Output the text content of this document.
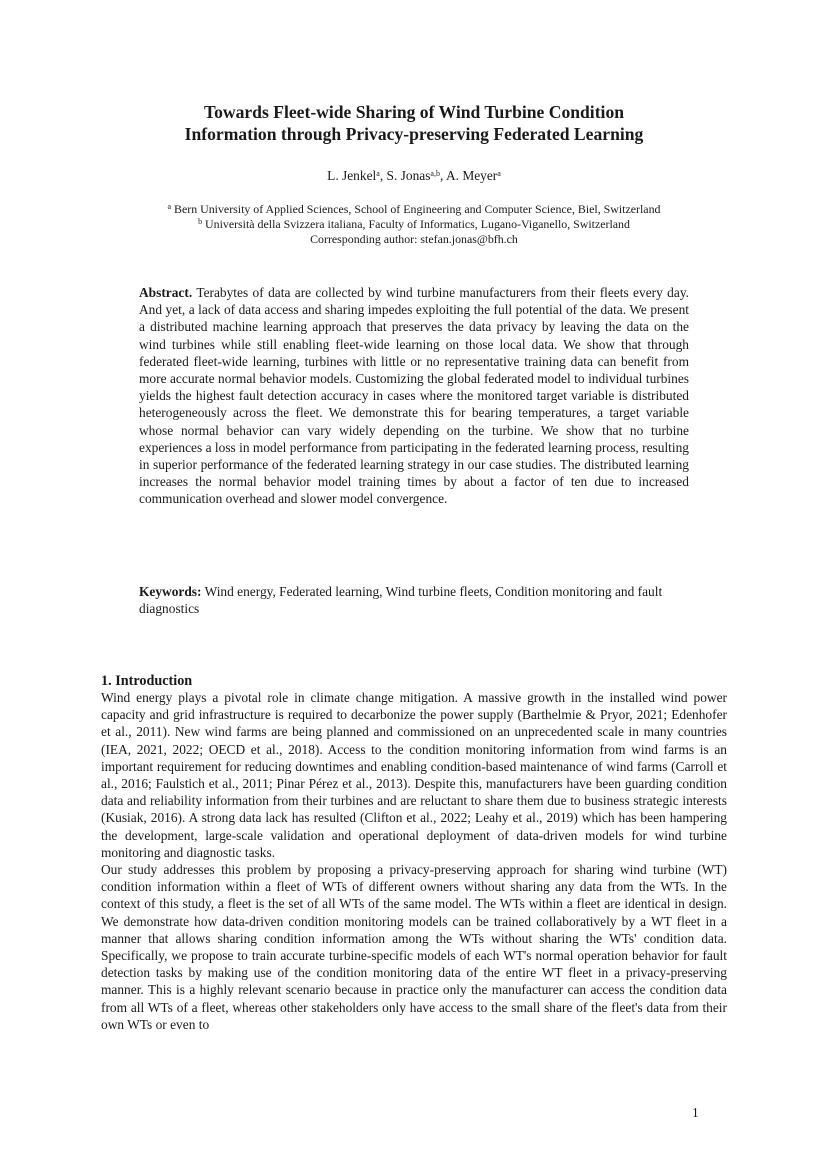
Towards Fleet-wide Sharing of Wind Turbine Condition
Information through Privacy-preserving Federated Learning
L. Jenkel$^a$, S. Jonas$^{a,b}$, A. Meyer$^a$
$^a$ Bern University of Applied Sciences, School of Engineering and Computer Science, Biel, Switzerland
$^b$ Università della Svizzera italiana, Faculty of Informatics, Lugano-Viganello, Switzerland
Corresponding author: stefan.jonas@bfh.ch
Abstract. Terabytes of data are collected by wind turbine manufacturers from their fleets every day. And yet, a lack of data access and sharing impedes exploiting the full potential of the data. We present a distributed machine learning approach that preserves the data privacy by leaving the data on the wind turbines while still enabling fleet-wide learning on those local data. We show that through federated fleet-wide learning, turbines with little or no representative training data can benefit from more accurate normal behavior models. Customizing the global federated model to individual turbines yields the highest fault detection accuracy in cases where the monitored target variable is distributed heterogeneously across the fleet. We demonstrate this for bearing temperatures, a target variable whose normal behavior can vary widely depending on the turbine. We show that no turbine experiences a loss in model performance from participating in the federated learning process, resulting in superior performance of the federated learning strategy in our case studies. The distributed learning increases the normal behavior model training times by about a factor of ten due to increased communication overhead and slower model convergence.
Keywords: Wind energy, Federated learning, Wind turbine fleets, Condition monitoring and fault diagnostics
1. Introduction

Wind energy plays a pivotal role in climate change mitigation. A massive growth in the installed wind power capacity and grid infrastructure is required to decarbonize the power supply (Barthelmie & Pryor, 2021; Edenhofer et al., 2011). New wind farms are being planned and commissioned on an unprecedented scale in many countries (IEA, 2021, 2022; OECD et al., 2018). Access to the condition monitoring information from wind farms is an important requirement for reducing downtimes and enabling condition-based maintenance of wind farms (Carroll et al., 2016; Faulstich et al., 2011; Pinar Pérez et al., 2013). Despite this, manufacturers have been guarding condition data and reliability information from their turbines and are reluctant to share them due to business strategic interests (Kusiak, 2016). A strong data lack has resulted (Clifton et al., 2022; Leahy et al., 2019) which has been hampering the development, large-scale validation and operational deployment of data-driven models for wind turbine monitoring and diagnostic tasks.

Our study addresses this problem by proposing a privacy-preserving approach for sharing wind turbine (WT) condition information within a fleet of WTs of different owners without sharing any data from the WTs. In the context of this study, a fleet is the set of all WTs of the same model. The WTs within a fleet are identical in design. We demonstrate how data-driven condition monitoring models can be trained collaboratively by a WT fleet in a manner that allows sharing condition information among the WTs without sharing the WTs' condition data. Specifically, we propose to train accurate turbine-specific models of each WT's normal operation behavior for fault detection tasks by making use of the condition monitoring data of the entire WT fleet in a privacy-preserving manner. This is a highly relevant scenario because in practice only the manufacturer can access the condition data from all WTs of a fleet, whereas other stakeholders only have access to the small share of the fleet's data from their own WTs or even to

1
